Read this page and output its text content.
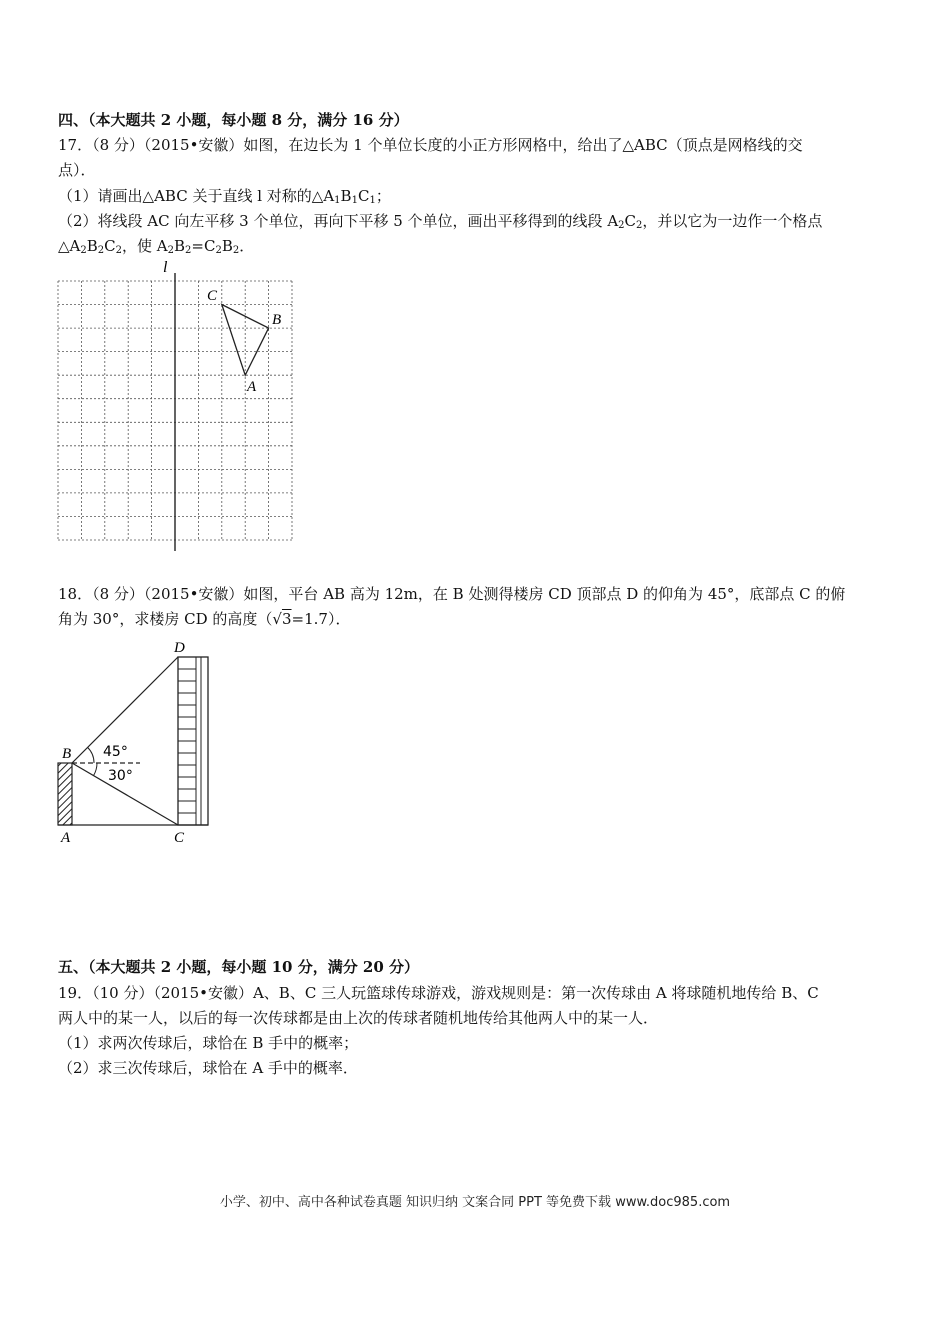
四、（本大题共 2 小题，每小题 8 分，满分 16 分）
17．（8 分）（2015•安徽）如图，在边长为 1 个单位长度的小正方形网格中，给出了△ABC（顶点是网格线的交
点）．
（1）请画出△ABC 关于直线 l 对称的$\triangle A_1B_1C_1$；
（2）将线段 AC 向左平移 3 个单位，再向下平移 5 个单位，画出平移得到的线段 $A_2C_2$，并以它为一边作一个格点
$\triangle A_2B_2C_2$，使 $A_2B_2=C_2B_2$．
l
C
B
A
18．（8 分）（2015•安徽）如图，平台 AB 高为 12m，在 B 处测得楼房 CD 顶部点 D 的仰角为 45°，底部点 C 的俯
角为 30°，求楼房 CD 的高度（√3=1.7）．
45°
30°
D
B
A	C
五、（本大题共 2 小题，每小题 10 分，满分 20 分）
19．（10 分）（2015•安徽）A、B、C 三人玩篮球传球游戏，游戏规则是：第一次传球由 A 将球随机地传给 B、C
两人中的某一人，以后的每一次传球都是由上次的传球者随机地传给其他两人中的某一人．
（1）求两次传球后，球恰在 B 手中的概率；
（2）求三次传球后，球恰在 A 手中的概率．
小学、初中、高中各种试卷真题 知识归纳 文案合同 PPT 等免费下载 www.doc985.com
